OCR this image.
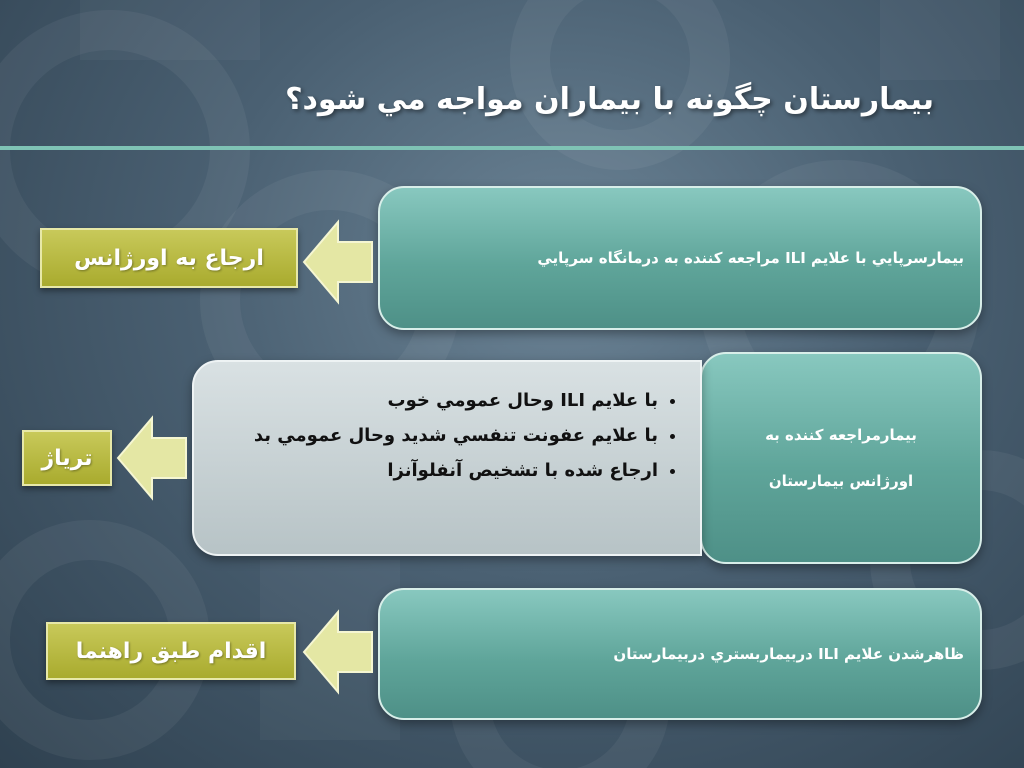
بيمارستان چگونه با بيماران مواجه مي شود؟
بيمارسرپايي با علايم ILI مراجعه كننده به درمانگاه سرپايي
ارجاع به اورژانس
بيمارمراجعه كننده به
اورژانس بيمارستان
• با علايم ILI وحال عمومي خوب
• با علايم عفونت تنفسي شديد وحال عمومي بد
• ارجاع شده با تشخيص آنفلوآنزا
ترياژ
ظاهرشدن علايم ILI دربيماربستري دربيمارستان
اقدام طبق راهنما
